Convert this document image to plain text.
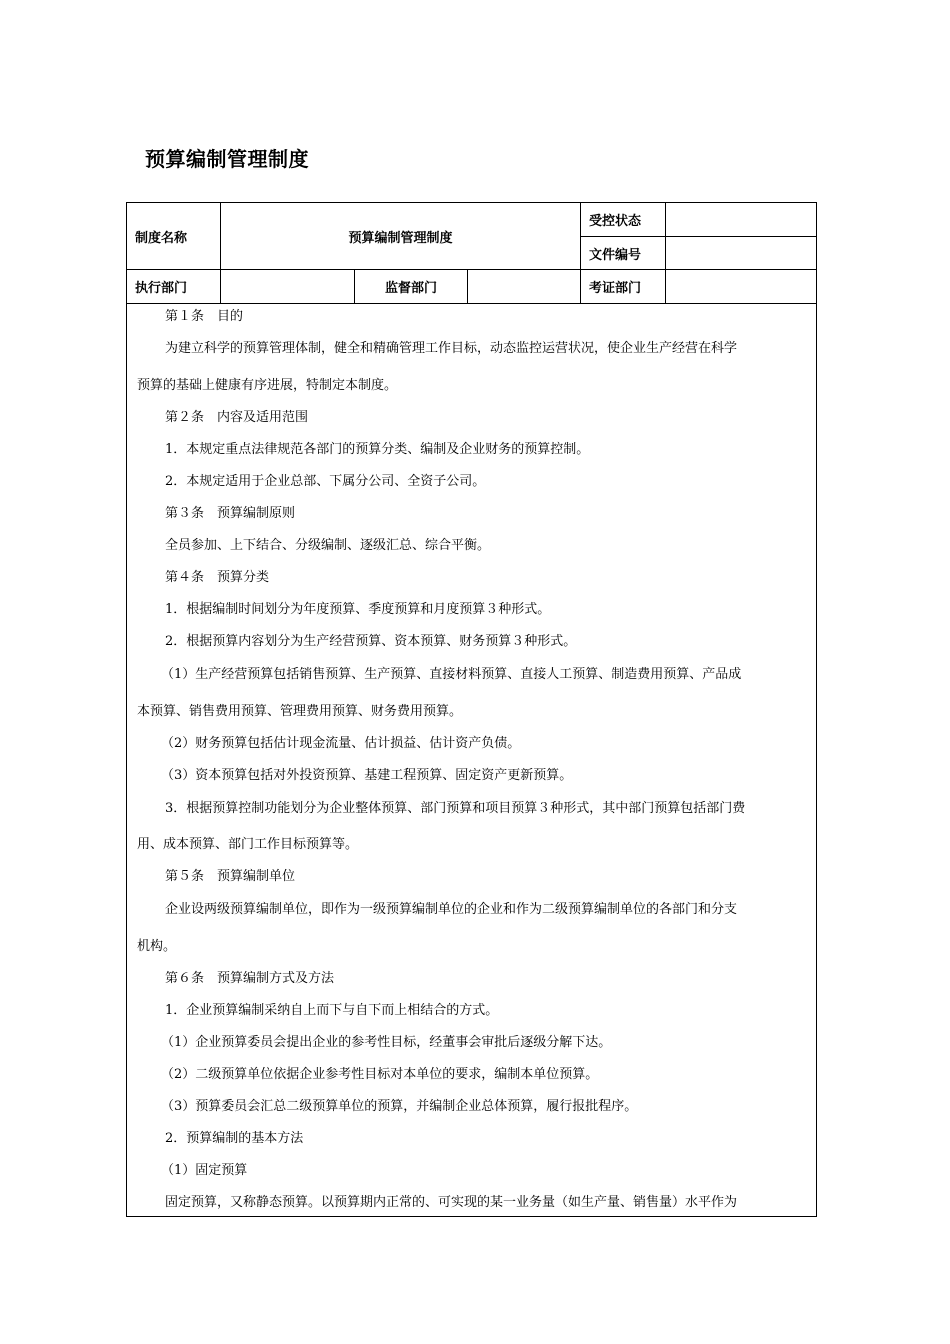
预算编制管理制度
制度名称	预算编制管理制度			受控状态	
				文件编号	
执行部门		监督部门		考证部门	
第１条　目的
为建立科学的预算管理体制，健全和精确管理工作目标，动态监控运营状况，使企业生产经营在科学
预算的基础上健康有序进展，特制定本制度。
第２条　内容及适用范围
1．本规定重点法律规范各部门的预算分类、编制及企业财务的预算控制。
2．本规定适用于企业总部、下属分公司、全资子公司。
第３条　预算编制原则
全员参加、上下结合、分级编制、逐级汇总、综合平衡。
第４条　预算分类
1．根据编制时间划分为年度预算、季度预算和月度预算３种形式。
2．根据预算内容划分为生产经营预算、资本预算、财务预算３种形式。
（1）生产经营预算包括销售预算、生产预算、直接材料预算、直接人工预算、制造费用预算、产品成
本预算、销售费用预算、管理费用预算、财务费用预算。
（2）财务预算包括估计现金流量、估计损益、估计资产负债。
（3）资本预算包括对外投资预算、基建工程预算、固定资产更新预算。
3．根据预算控制功能划分为企业整体预算、部门预算和项目预算３种形式，其中部门预算包括部门费
用、成本预算、部门工作目标预算等。
第５条　预算编制单位
企业设两级预算编制单位，即作为一级预算编制单位的企业和作为二级预算编制单位的各部门和分支
机构。
第６条　预算编制方式及方法
1．企业预算编制采纳自上而下与自下而上相结合的方式。
（1）企业预算委员会提出企业的参考性目标，经董事会审批后逐级分解下达。
（2）二级预算单位依据企业参考性目标对本单位的要求，编制本单位预算。
（3）预算委员会汇总二级预算单位的预算，并编制企业总体预算，履行报批程序。
2．预算编制的基本方法
（1）固定预算
固定预算，又称静态预算。以预算期内正常的、可实现的某一业务量（如生产量、销售量）水平作为
